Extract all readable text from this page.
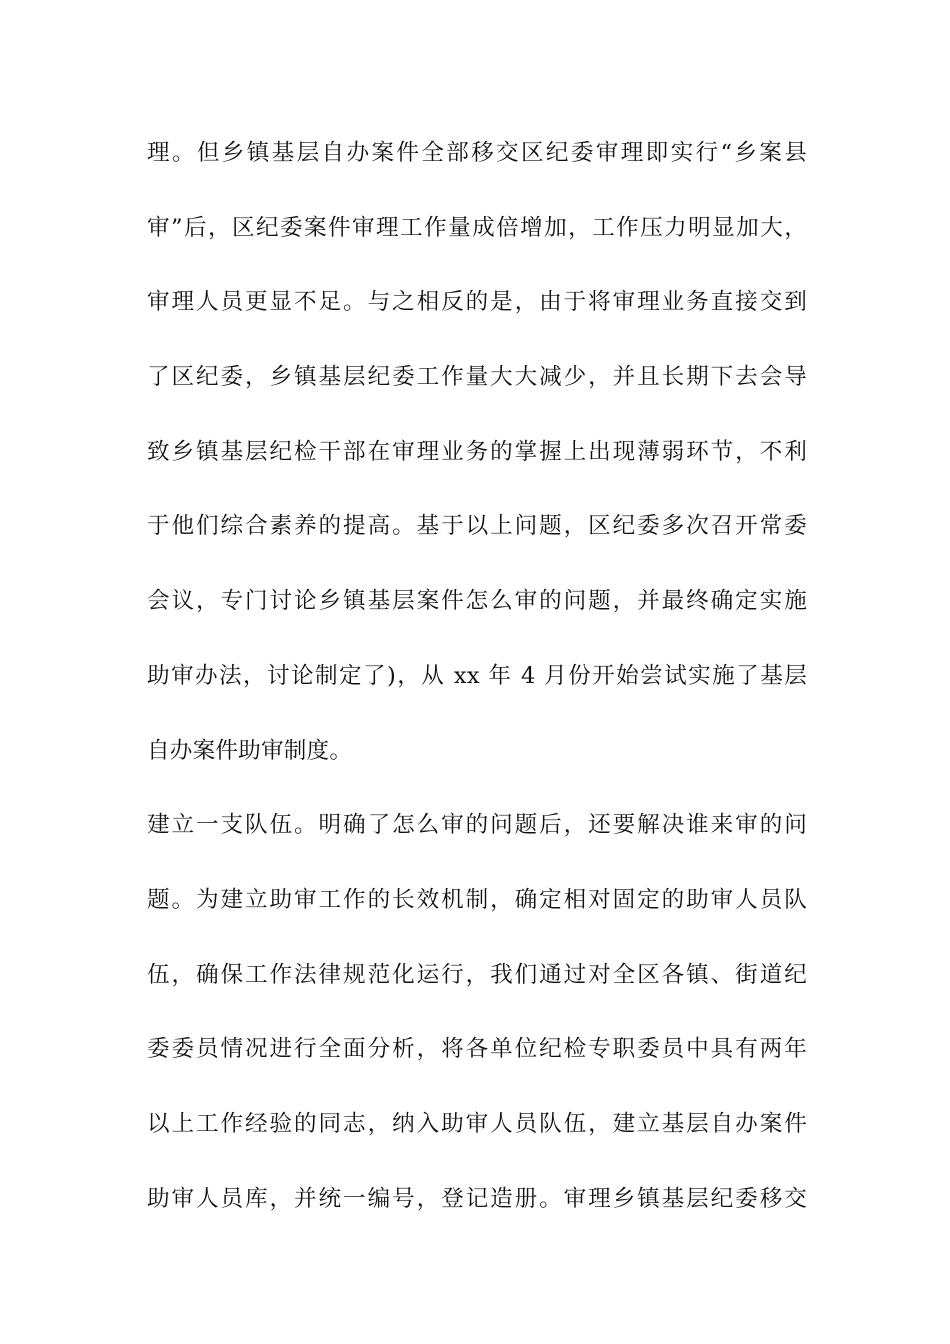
理。但乡镇基层自办案件全部移交区纪委审理即实行“乡案县
审”后，区纪委案件审理工作量成倍增加，工作压力明显加大，
审理人员更显不足。与之相反的是，由于将审理业务直接交到
了区纪委，乡镇基层纪委工作量大大减少，并且长期下去会导
致乡镇基层纪检干部在审理业务的掌握上出现薄弱环节，不利
于他们综合素养的提高。基于以上问题，区纪委多次召开常委
会议，专门讨论乡镇基层案件怎么审的问题，并最终确定实施
助审办法，讨论制定了)，从 xx 年 4 月份开始尝试实施了基层
自办案件助审制度。
建立一支队伍。明确了怎么审的问题后，还要解决谁来审的问
题。为建立助审工作的长效机制，确定相对固定的助审人员队
伍，确保工作法律规范化运行，我们通过对全区各镇、街道纪
委委员情况进行全面分析，将各单位纪检专职委员中具有两年
以上工作经验的同志，纳入助审人员队伍，建立基层自办案件
助审人员库，并统一编号，登记造册。审理乡镇基层纪委移交
